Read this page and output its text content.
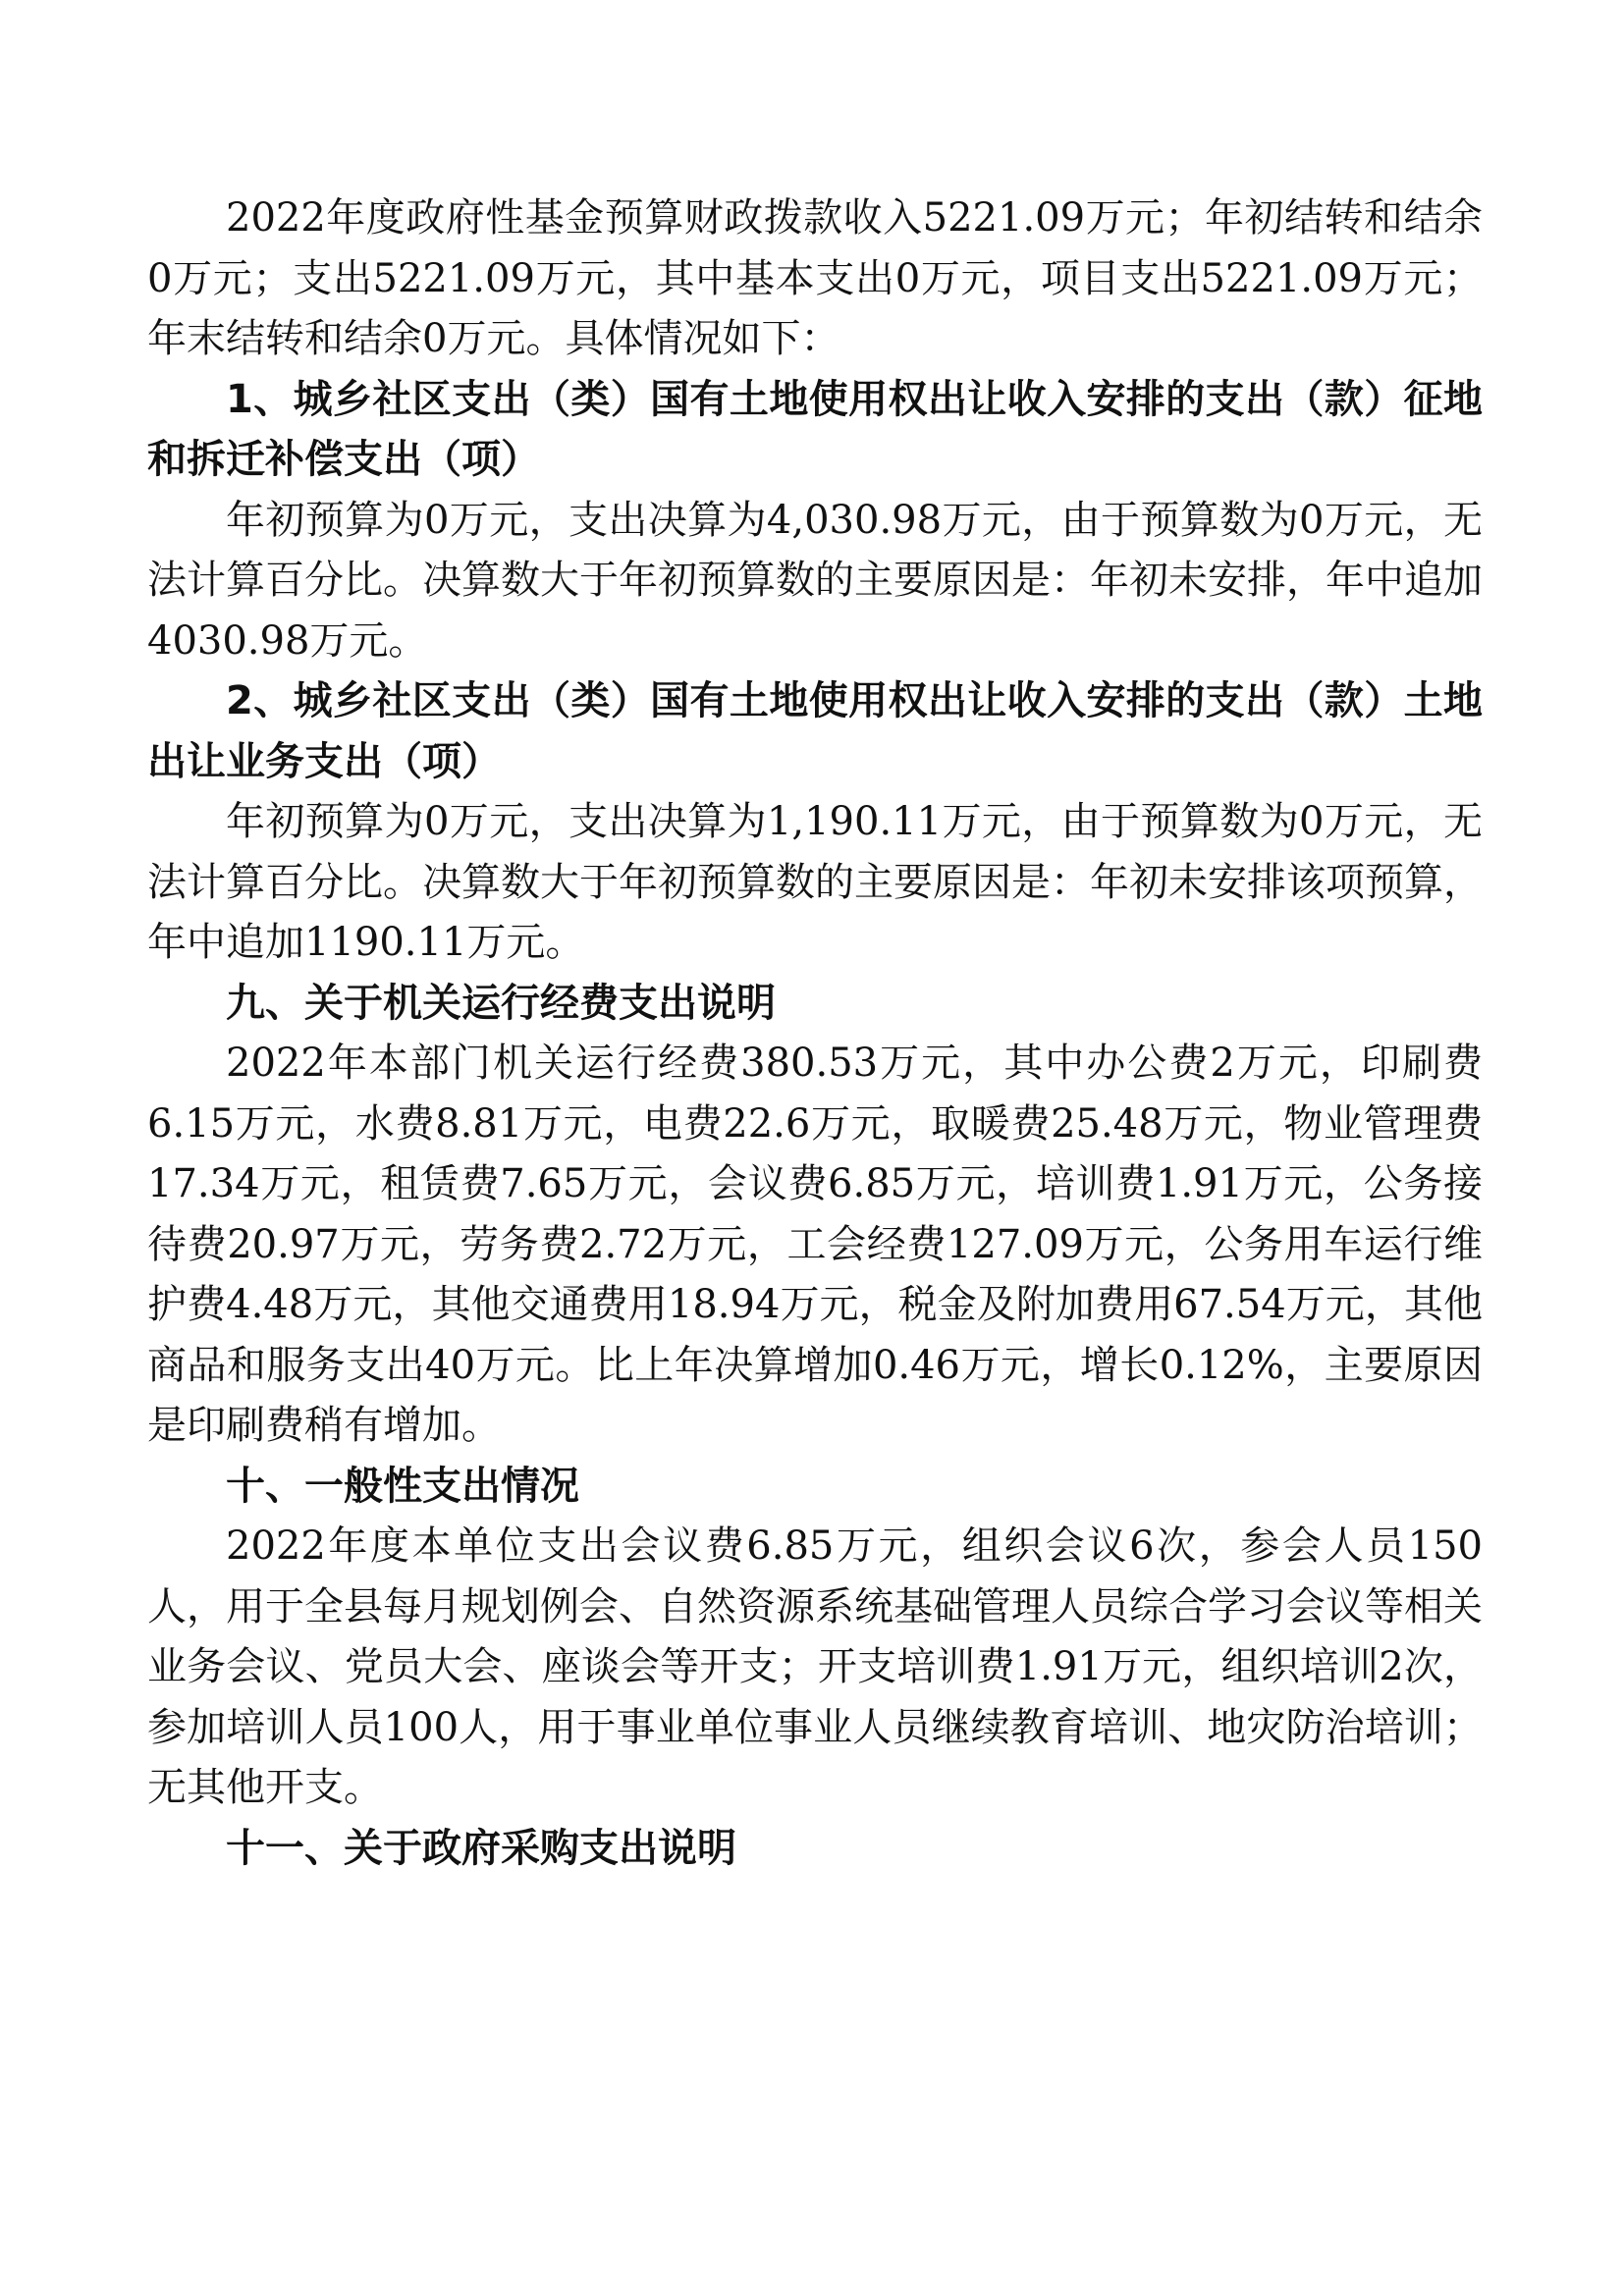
2022年度政府性基金预算财政拨款收入5221.09万元；年初结转和结余0万元；支出5221.09万元，其中基本支出0万元，项目支出5221.09万元；年末结转和结余0万元。具体情况如下：

1、城乡社区支出（类）国有土地使用权出让收入安排的支出（款）征地和拆迁补偿支出（项）

年初预算为0万元，支出决算为4,030.98万元，由于预算数为0万元，无法计算百分比。决算数大于年初预算数的主要原因是：年初未安排，年中追加4030.98万元。

2、城乡社区支出（类）国有土地使用权出让收入安排的支出（款）土地出让业务支出（项）

年初预算为0万元，支出决算为1,190.11万元，由于预算数为0万元，无法计算百分比。决算数大于年初预算数的主要原因是：年初未安排该项预算，年中追加1190.11万元。

九、关于机关运行经费支出说明

2022年本部门机关运行经费380.53万元，其中办公费2万元，印刷费6.15万元，水费8.81万元，电费22.6万元，取暖费25.48万元，物业管理费17.34万元，租赁费7.65万元，会议费6.85万元，培训费1.91万元，公务接待费20.97万元，劳务费2.72万元，工会经费127.09万元，公务用车运行维护费4.48万元，其他交通费用18.94万元，税金及附加费用67.54万元，其他商品和服务支出40万元。比上年决算增加0.46万元，增长0.12%，主要原因是印刷费稍有增加。

十、一般性支出情况

2022年度本单位支出会议费6.85万元，组织会议6次，参会人员150人，用于全县每月规划例会、自然资源系统基础管理人员综合学习会议等相关业务会议、党员大会、座谈会等开支；开支培训费1.91万元，组织培训2次，参加培训人员100人，用于事业单位事业人员继续教育培训、地灾防治培训；无其他开支。

十一、关于政府采购支出说明
